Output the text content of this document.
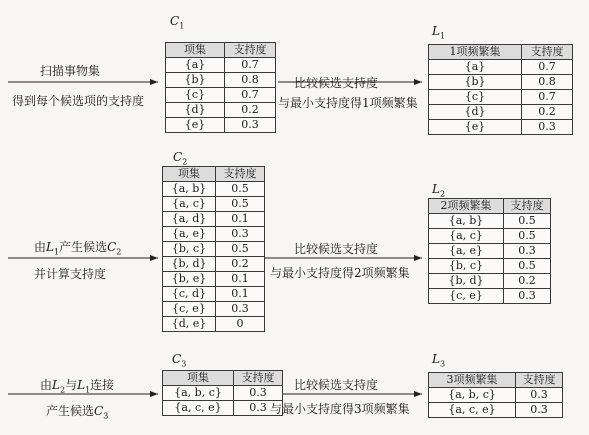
$C_1$
项集	支持度
{a}	0.7
{b}	0.8
{c}	0.7
{d}	0.2
{e}	0.3
扫描事物集
得到每个候选项的支持度
比较候选支持度
与最小支持度得1项频繁集
$L_1$
1项频繁集	支持度
{a}	0.7
{b}	0.8
{c}	0.7
{d}	0.2
{e}	0.3
$C_2$
项集	支持度
{a, b}	0.5
{a, c}	0.5
{a, d}	0.1
{a, e}	0.3
{b, c}	0.5
{b, d}	0.2
{b, e}	0.1
{c, d}	0.1
{c, e}	0.3
{d, e}	0
由$L_1$产生候选$C_2$
并计算支持度
比较候选支持度
与最小支持度得2项频繁集
$L_2$
2项频繁集	支持度
{a, b}	0.5
{a, c}	0.5
{a, e}	0.3
{b, c}	0.5
{b, d}	0.2
{c, e}	0.3
$C_3$
项集	支持度
{a, b, c}	0.3
{a, c, e}	0.3
由$L_2$与$L_1$连接
产生候选$C_3$
比较候选支持度
与最小支持度得3项频繁集
$L_3$
3项频繁集	支持度
{a, b, c}	0.3
{a, c, e}	0.3
